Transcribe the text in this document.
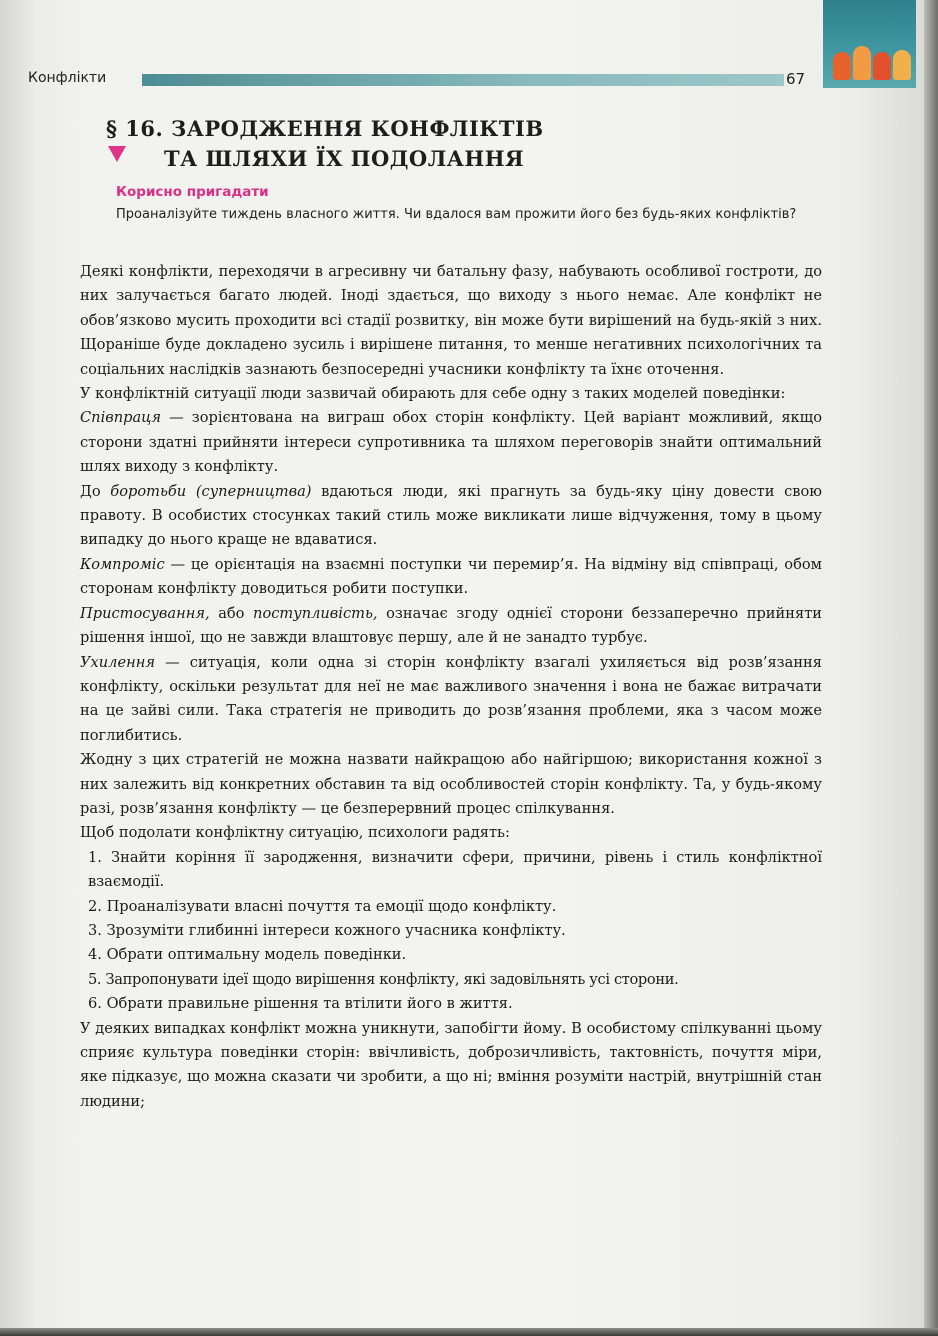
Конфлікти	67
§ 16. ЗАРОДЖЕННЯ КОНФЛІКТІВ
ТА ШЛЯХИ ЇХ ПОДОЛАННЯ
Корисно пригадати
Проаналізуйте тиждень власного життя. Чи вдалося вам прожити його без будь-яких конфліктів?

Деякі конфлікти, переходячи в агресивну чи батальну фазу, набувають особливої гостроти, до них залучається багато людей. Іноді здається, що виходу з нього немає. Але конфлікт не обов’язково мусить проходити всі стадії розвитку, він може бути вирішений на будь-якій з них. Щораніше буде докладено зусиль і вирішене питання, то менше негативних психологічних та соціальних наслідків зазнають безпосередні учасники конфлікту та їхнє оточення.

У конфліктній ситуації люди зазвичай обирають для себе одну з таких моделей поведінки:

Співпраця — зорієнтована на виграш обох сторін конфлікту. Цей варіант можливий, якщо сторони здатні прийняти інтереси супротивника та шляхом переговорів знайти оптимальний шлях виходу з конфлікту.

До боротьби (суперництва) вдаються люди, які прагнуть за будь-яку ціну довести свою правоту. В особистих стосунках такий стиль може викликати лише відчуження, тому в цьому випадку до нього краще не вдаватися.

Компроміс — це орієнтація на взаємні поступки чи перемир’я. На відміну від співпраці, обом сторонам конфлікту доводиться робити поступки.

Пристосування, або поступливість, означає згоду однієї сторони беззаперечно прийняти рішення іншої, що не завжди влаштовує першу, але й не занадто турбує.

Ухилення — ситуація, коли одна зі сторін конфлікту взагалі ухиляється від розв’язання конфлікту, оскільки результат для неї не має важливого значення і вона не бажає витрачати на це зайві сили. Така стратегія не приводить до розв’язання проблеми, яка з часом може поглибитись.

Жодну з цих стратегій не можна назвати найкращою або найгіршою; використання кожної з них залежить від конкретних обставин та від особливостей сторін конфлікту. Та, у будь-якому разі, розв’язання конфлікту — це безперервний процес спілкування.

Щоб подолати конфліктну ситуацію, психологи радять:

1. Знайти коріння її зародження, визначити сфери, причини, рівень і стиль конфліктної взаємодії.

2. Проаналізувати власні почуття та емоції щодо конфлікту.

3. Зрозуміти глибинні інтереси кожного учасника конфлікту.

4. Обрати оптимальну модель поведінки.

5. Запропонувати ідеї щодо вирішення конфлікту, які задовільнять усі сторони.

6. Обрати правильне рішення та втілити його в життя.

У деяких випадках конфлікт можна уникнути, запобігти йому. В особистому спілкуванні цьому сприяє культура поведінки сторін: ввічливість, доброзичливість, тактовність, почуття міри, яке підказує, що можна сказати чи зробити, а що ні; вміння розуміти настрій, внутрішній стан людини;
